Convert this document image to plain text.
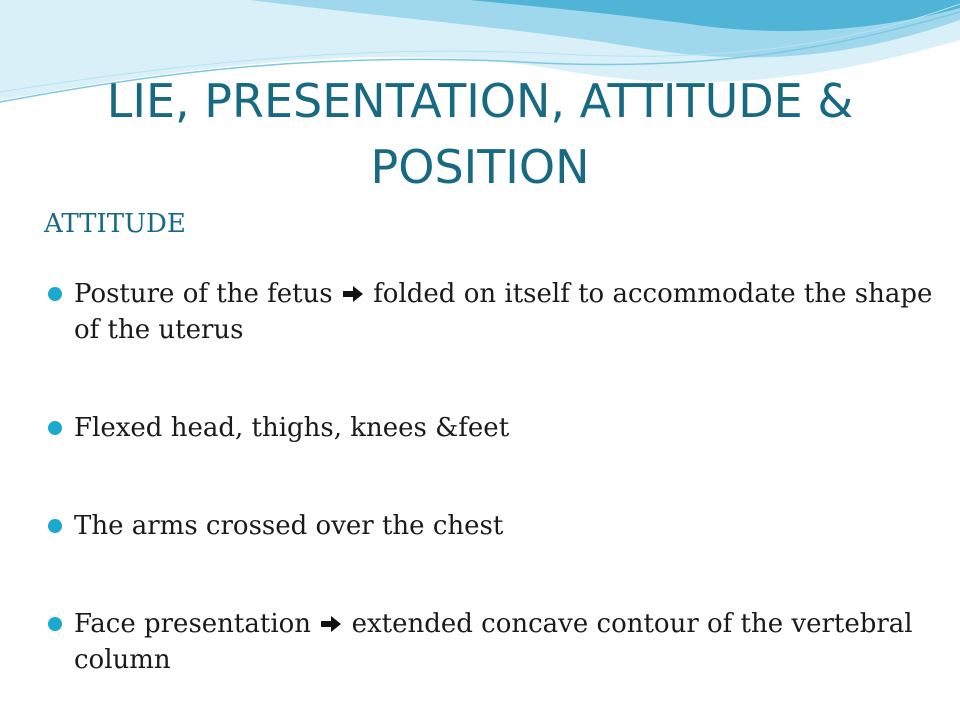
LIE, PRESENTATION, ATTITUDE & POSITION

ATTITUDE

Posture of the fetus folded on itself to accommodate the shape of the uterus
Flexed head, thighs, knees &feet
The arms crossed over the chest
Face presentation extended concave contour of the vertebral column
